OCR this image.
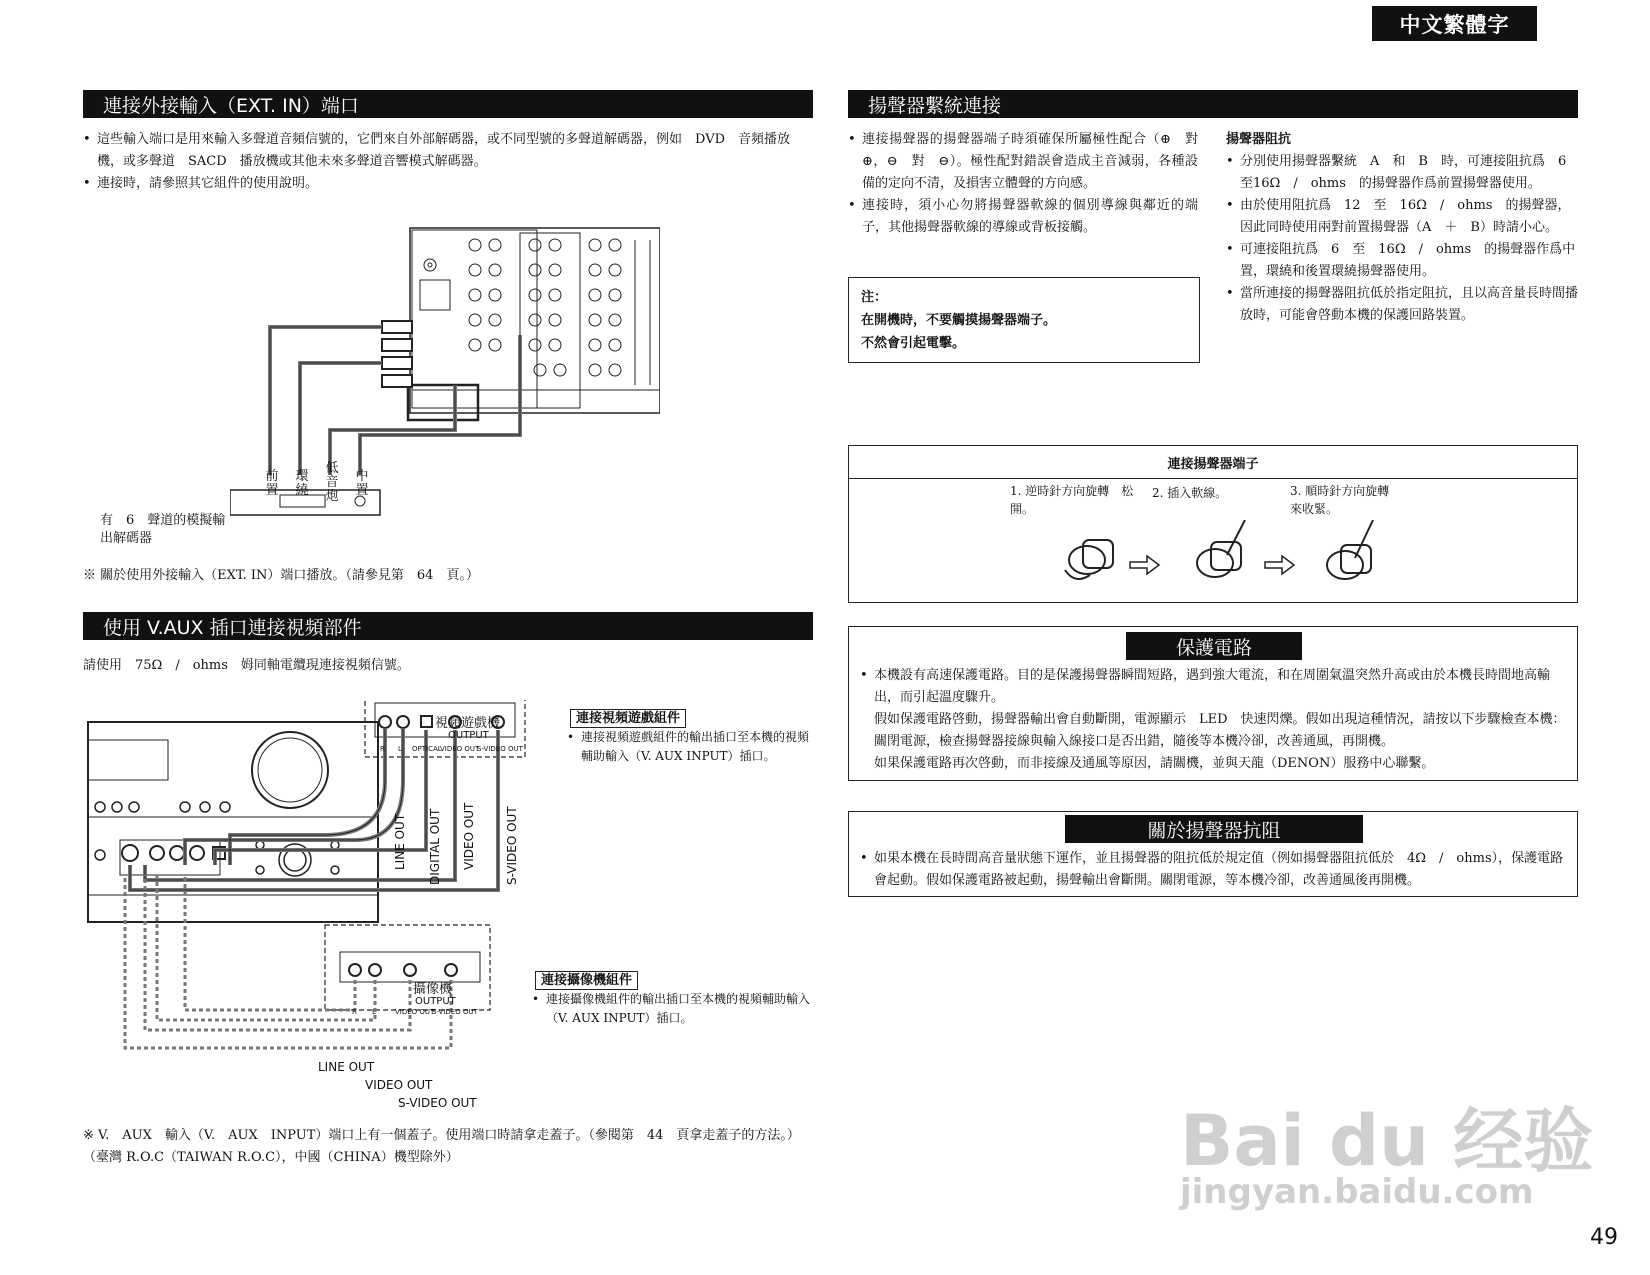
中文繁體字
連接外接輸入（EXT. IN）端口
• 這些輸入端口是用來輸入多聲道音頻信號的，它們來自外部解碼器，或不同型號的多聲道解碼器，例如　DVD　音頻播放機，或多聲道　SACD　播放機或其他未來多聲道音響模式解碼器。
• 連接時，請參照其它組件的使用說明。
前置
環繞
低音炮
中置
有　6　聲道的模擬輸出解碼器
※ 關於使用外接輸入（EXT. IN）端口播放。（請參見第　64　頁。）
使用 V.AUX 插口連接視頻部件
請使用　75Ω　/　ohms　姆同軸電纜現連接視頻信號。
視頻遊戲機
OUTPUT
R L OPTICAL
VIDEO OUT
S-VIDEO OUT
LINE OUT DIGITAL OUT VIDEO OUT S-VIDEO OUT
連接視頻遊戲組件
• 連接視頻遊戲組件的輸出插口至本機的視頻輔助輸入（V. AUX INPUT）插口。
攝像機
OUTPUT
R L	VIDEO OUT
S-VIDEO OUT
LINE OUT
VIDEO OUT
S-VIDEO OUT
連接攝像機組件
• 連接攝像機組件的輸出插口至本機的視頻輔助輸入（V. AUX INPUT）插口。
※ V.　AUX　輸入（V.　AUX　INPUT）端口上有一個蓋子。使用端口時請拿走蓋子。（參閱第　44　頁拿走蓋子的方法。）（臺灣 R.O.C（TAIWAN R.O.C），中國（CHINA）機型除外）
揚聲器繫統連接
• 連接揚聲器的揚聲器端子時須確保所屬極性配合（⊕　對　⊕，⊖　對　⊖）。極性配對錯誤會造成主音減弱，各種設備的定向不清，及損害立體聲的方向感。
• 連接時，須小心勿將揚聲器軟線的個別導線與鄰近的端子，其他揚聲器軟線的導線或背板接觸。
注：
在開機時，不要觸摸揚聲器端子。
不然會引起電擊。
揚聲器阻抗
• 分別使用揚聲器繫統　A　和　B　時，可連接阻抗爲　6　至16Ω　/　ohms　的揚聲器作爲前置揚聲器使用。
• 由於使用阻抗爲　12　至　16Ω　/　ohms　的揚聲器，因此同時使用兩對前置揚聲器（A　＋　B）時請小心。
• 可連接阻抗爲　6　至　16Ω　/　ohms　的揚聲器作爲中置，環繞和後置環繞揚聲器使用。
• 當所連接的揚聲器阻抗低於指定阻抗，且以高音量長時間播放時，可能會啓動本機的保護回路裝置。
連接揚聲器端子
1. 逆時針方向旋轉　松開。
2. 插入軟線。	3. 順時針方向旋轉　來收緊。
保護電路
• 本機設有高速保護電路。目的是保護揚聲器瞬間短路，遇到強大電流，和在周圍氣溫突然升高或由於本機長時間地高輸出，而引起溫度驟升。
假如保護電路啓動，揚聲器輸出會自動斷開，電源顯示　LED　快速閃爍。假如出現這種情況，請按以下步驟檢查本機：關閉電源，檢查揚聲器接線與輸入線接口是否出錯，隨後等本機冷卻，改善通風，再開機。
如果保護電路再次啓動，而非接線及通風等原因，請關機，並與天龍（DENON）服務中心聯繫。
關於揚聲器抗阻
• 如果本機在長時間高音量狀態下運作，並且揚聲器的阻抗低於規定值（例如揚聲器阻抗低於　4Ω　/　ohms），保護電路會起動。假如保護電路被起動，揚聲輸出會斷開。關閉電源，等本機冷卻，改善通風後再開機。
Bai du 经验
jingyan.baidu.com
49
